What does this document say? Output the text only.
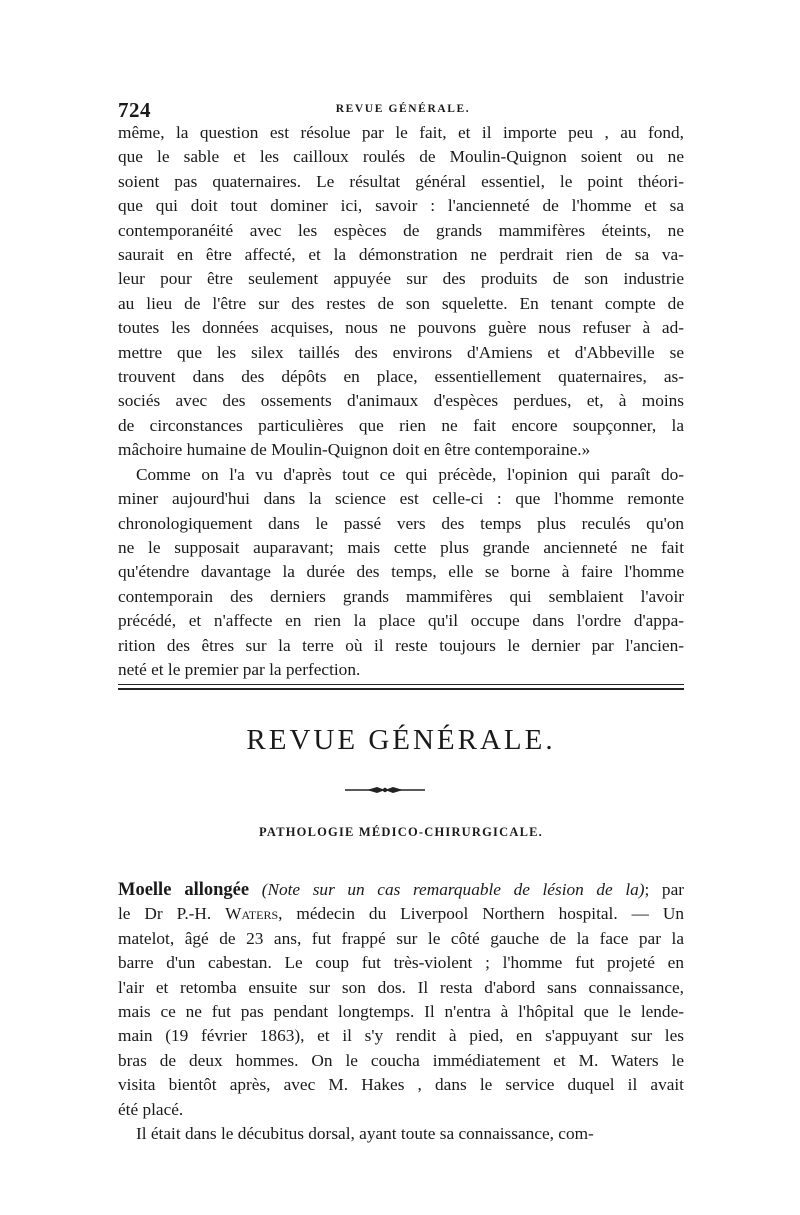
724	REVUE GÉNÉRALE.
même, la question est résolue par le fait, et il importe peu , au fond,
que le sable et les cailloux roulés de Moulin-Quignon soient ou ne
soient pas quaternaires. Le résultat général essentiel, le point théori-
que qui doit tout dominer ici, savoir : l'ancienneté de l'homme et sa
contemporanéité avec les espèces de grands mammifères éteints, ne
saurait en être affecté, et la démonstration ne perdrait rien de sa va-
leur pour être seulement appuyée sur des produits de son industrie
au lieu de l'être sur des restes de son squelette. En tenant compte de
toutes les données acquises, nous ne pouvons guère nous refuser à ad-
mettre que les silex taillés des environs d'Amiens et d'Abbeville se
trouvent dans des dépôts en place, essentiellement quaternaires, as-
sociés avec des ossements d'animaux d'espèces perdues, et, à moins
de circonstances particulières que rien ne fait encore soupçonner, la
mâchoire humaine de Moulin-Quignon doit en être contemporaine.»
Comme on l'a vu d'après tout ce qui précède, l'opinion qui paraît do-
miner aujourd'hui dans la science est celle-ci : que l'homme remonte
chronologiquement dans le passé vers des temps plus reculés qu'on
ne le supposait auparavant; mais cette plus grande ancienneté ne fait
qu'étendre davantage la durée des temps, elle se borne à faire l'homme
contemporain des derniers grands mammifères qui semblaient l'avoir
précédé, et n'affecte en rien la place qu'il occupe dans l'ordre d'appa-
rition des êtres sur la terre où il reste toujours le dernier par l'ancien-
neté et le premier par la perfection.
REVUE GÉNÉRALE.
PATHOLOGIE MÉDICO-CHIRURGICALE.
Moelle allongée (Note sur un cas remarquable de lésion de la); par
le Dr P.-H. Waters, médecin du Liverpool Northern hospital. — Un
matelot, âgé de 23 ans, fut frappé sur le côté gauche de la face par la
barre d'un cabestan. Le coup fut très-violent ; l'homme fut projeté en
l'air et retomba ensuite sur son dos. Il resta d'abord sans connaissance,
mais ce ne fut pas pendant longtemps. Il n'entra à l'hôpital que le lende-
main (19 février 1863), et il s'y rendit à pied, en s'appuyant sur les
bras de deux hommes. On le coucha immédiatement et M. Waters le
visita bientôt après, avec M. Hakes , dans le service duquel il avait
été placé.
Il était dans le décubitus dorsal, ayant toute sa connaissance, com-
